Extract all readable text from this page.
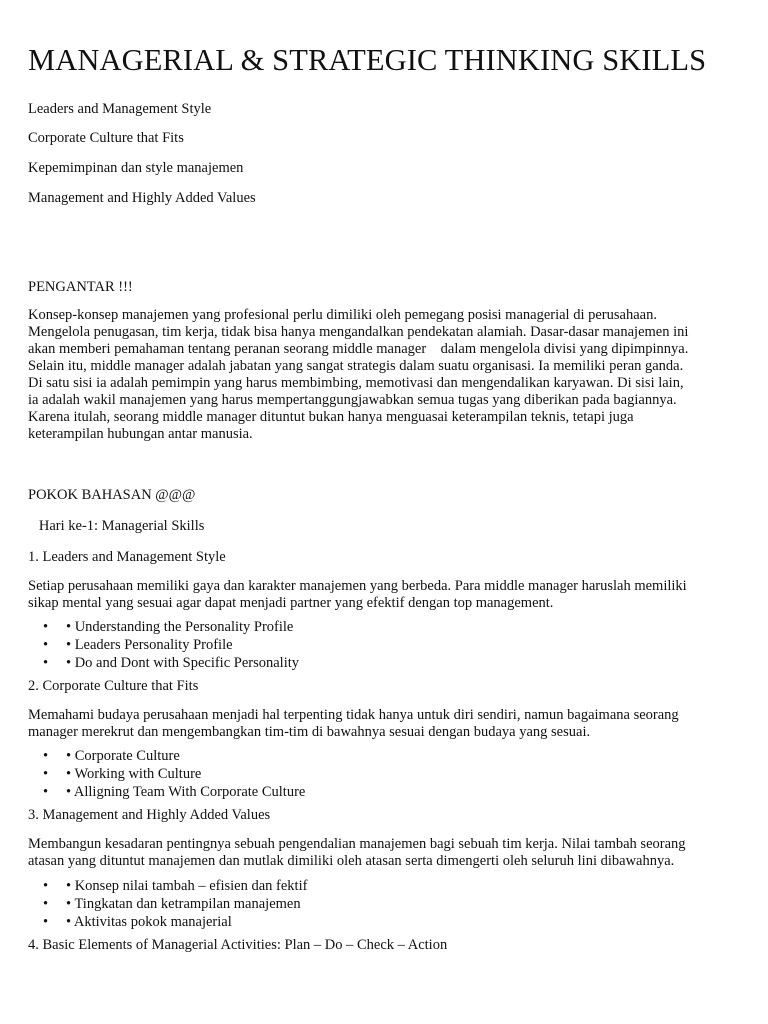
MANAGERIAL & STRATEGIC THINKING SKILLS
Leaders and Management Style
Corporate Culture that Fits
Kepemimpinan dan style manajemen
Management and Highly Added Values
PENGANTAR !!!
Konsep-konsep manajemen yang profesional perlu dimiliki oleh pemegang posisi managerial di perusahaan.
Mengelola penugasan, tim kerja, tidak bisa hanya mengandalkan pendekatan alamiah. Dasar-dasar manajemen ini
akan memberi pemahaman tentang peranan seorang middle manager    dalam mengelola divisi yang dipimpinnya.
Selain itu, middle manager adalah jabatan yang sangat strategis dalam suatu organisasi. Ia memiliki peran ganda.
Di satu sisi ia adalah pemimpin yang harus membimbing, memotivasi dan mengendalikan karyawan. Di sisi lain,
ia adalah wakil manajemen yang harus mempertanggungjawabkan semua tugas yang diberikan pada bagiannya.
Karena itulah, seorang middle manager dituntut bukan hanya menguasai keterampilan teknis, tetapi juga
keterampilan hubungan antar manusia.
POKOK BAHASAN @@@
Hari ke-1: Managerial Skills
1. Leaders and Management Style
Setiap perusahaan memiliki gaya dan karakter manajemen yang berbeda. Para middle manager haruslah memiliki
sikap mental yang sesuai agar dapat menjadi partner yang efektif dengan top management.
• • Understanding the Personality Profile
• • Leaders Personality Profile
• • Do and Dont with Specific Personality
2. Corporate Culture that Fits
Memahami budaya perusahaan menjadi hal terpenting tidak hanya untuk diri sendiri, namun bagaimana seorang
manager merekrut dan mengembangkan tim-tim di bawahnya sesuai dengan budaya yang sesuai.
• • Corporate Culture
• • Working with Culture
• • Alligning Team With Corporate Culture
3. Management and Highly Added Values
Membangun kesadaran pentingnya sebuah pengendalian manajemen bagi sebuah tim kerja. Nilai tambah seorang
atasan yang dituntut manajemen dan mutlak dimiliki oleh atasan serta dimengerti oleh seluruh lini dibawahnya.
• • Konsep nilai tambah – efisien dan fektif
• • Tingkatan dan ketrampilan manajemen
• • Aktivitas pokok manajerial
4. Basic Elements of Managerial Activities: Plan – Do – Check – Action
